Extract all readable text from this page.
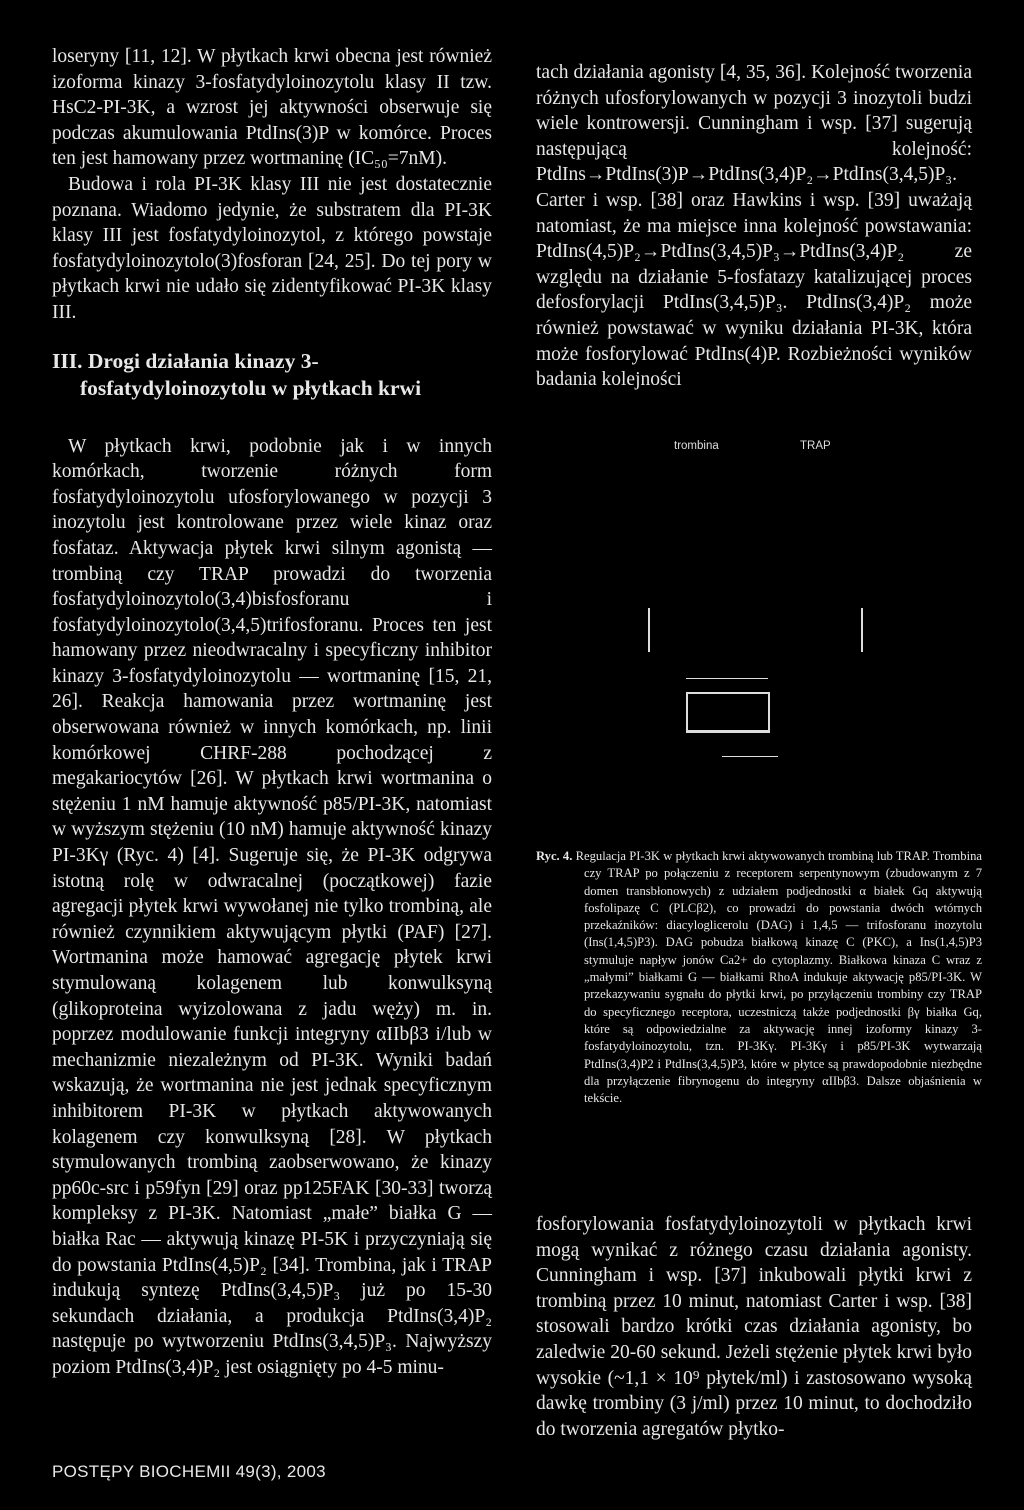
loseryny [11, 12]. W płytkach krwi obecna jest również izoforma kinazy 3-fosfatydyloinozytolu klasy II tzw. HsC2-PI-3K, a wzrost jej aktywności obserwuje się podczas akumulowania PtdIns(3)P w komórce. Proces ten jest hamowany przez wortmaninę (IC₅₀=7nM).

Budowa i rola PI-3K klasy III nie jest dostatecznie poznana. Wiadomo jedynie, że substratem dla PI-3K klasy III jest fosfatydyloinozytol, z którego powstaje fosfatydyloinozytolo(3)fosforan [24, 25]. Do tej pory w płytkach krwi nie udało się zidentyfikować PI-3K klasy III.

III. Drogi działania kinazy 3-fosfatydyloinozytolu w płytkach krwi

W płytkach krwi, podobnie jak i w innych komórkach, tworzenie różnych form fosfatydyloinozytolu ufosforylowanego w pozycji 3 inozytolu jest kontrolowane przez wiele kinaz oraz fosfataz. Aktywacja płytek krwi silnym agonistą — trombiną czy TRAP prowadzi do tworzenia fosfatydyloinozytolo(3,4)bisfosforanu i fosfatydyloinozytolo(3,4,5)trifosforanu. Proces ten jest hamowany przez nieodwracalny i specyficzny inhibitor kinazy 3-fosfatydyloinozytolu — wortmaninę [15, 21, 26]. Reakcja hamowania przez wortmaninę jest obserwowana również w innych komórkach, np. linii komórkowej CHRF-288 pochodzącej z megakariocytów [26]. W płytkach krwi wortmanina o stężeniu 1 nM hamuje aktywność p85/PI-3K, natomiast w wyższym stężeniu (10 nM) hamuje aktywność kinazy PI-3Kγ (Ryc. 4) [4]. Sugeruje się, że PI-3K odgrywa istotną rolę w odwracalnej (początkowej) fazie agregacji płytek krwi wywołanej nie tylko trombiną, ale również czynnikiem aktywującym płytki (PAF) [27]. Wortmanina może hamować agregację płytek krwi stymulowaną kolagenem lub konwulksyną (glikoproteina wyizolowana z jadu węży) m. in. poprzez modulowanie funkcji integryny αIIbβ3 i/lub w mechanizmie niezależnym od PI-3K. Wyniki badań wskazują, że wortmanina nie jest jednak specyficznym inhibitorem PI-3K w płytkach aktywowanych kolagenem czy konwulksyną [28]. W płytkach stymulowanych trombiną zaobserwowano, że kinazy pp60c-src i p59fyn [29] oraz pp125FAK [30-33] tworzą kompleksy z PI-3K. Natomiast „małe” białka G — białka Rac — aktywują kinazę PI-5K i przyczyniają się do powstania PtdIns(4,5)P₂ [34]. Trombina, jak i TRAP indukują syntezę PtdIns(3,4,5)P₃ już po 15-30 sekundach działania, a produkcja PtdIns(3,4)P₂ następuje po wytworzeniu PtdIns(3,4,5)P₃. Najwyższy poziom PtdIns(3,4)P₂ jest osiągnięty po 4-5 minu-

tach działania agonisty [4, 35, 36]. Kolejność tworzenia różnych ufosforylowanych w pozycji 3 inozytoli budzi wiele kontrowersji. Cunningham i wsp. [37] sugerują następującą kolejność: PtdIns→PtdIns(3)P→PtdIns(3,4)P₂→PtdIns(3,4,5)P₃. Carter i wsp. [38] oraz Hawkins i wsp. [39] uważają natomiast, że ma miejsce inna kolejność powstawania: PtdIns(4,5)P₂→PtdIns(3,4,5)P₃→PtdIns(3,4)P₂ ze względu na działanie 5-fosfatazy katalizującej proces defosforylacji PtdIns(3,4,5)P₃. PtdIns(3,4)P₂ może również powstawać w wyniku działania PI-3K, która może fosforylować PtdIns(4)P. Rozbieżności wyników badania kolejności

trombina	TRAP

Ryc. 4. Regulacja PI-3K w płytkach krwi aktywowanych trombiną lub TRAP. Trombina czy TRAP po połączeniu z receptorem serpentynowym (zbudowanym z 7 domen transbłonowych) z udziałem podjednostki α białek Gq aktywują fosfolipazę C (PLCβ2), co prowadzi do powstania dwóch wtórnych przekaźników: diacyloglicerolu (DAG) i 1,4,5 — trifosforanu inozytolu (Ins(1,4,5)P3). DAG pobudza białkową kinazę C (PKC), a Ins(1,4,5)P3 stymuluje napływ jonów Ca2+ do cytoplazmy. Białkowa kinaza C wraz z „małymi” białkami G — białkami RhoA indukuje aktywację p85/PI-3K. W przekazywaniu sygnału do płytki krwi, po przyłączeniu trombiny czy TRAP do specyficznego receptora, uczestniczą także podjednostki βγ białka Gq, które są odpowiedzialne za aktywację innej izoformy kinazy 3-fosfatydyloinozytolu, tzn. PI-3Kγ. PI-3Kγ i p85/PI-3K wytwarzają PtdIns(3,4)P2 i PtdIns(3,4,5)P3, które w płytce są prawdopodobnie niezbędne dla przyłączenie fibrynogenu do integryny αIIbβ3. Dalsze objaśnienia w tekście.

fosforylowania fosfatydyloinozytoli w płytkach krwi mogą wynikać z różnego czasu działania agonisty. Cunningham i wsp. [37] inkubowali płytki krwi z trombiną przez 10 minut, natomiast Carter i wsp. [38] stosowali bardzo krótki czas działania agonisty, bo zaledwie 20-60 sekund. Jeżeli stężenie płytek krwi było wysokie (~1,1 × 10⁹ płytek/ml) i zastosowano wysoką dawkę trombiny (3 j/ml) przez 10 minut, to dochodziło do tworzenia agregatów płytko-

POSTĘPY BIOCHEMII 49(3), 2003
